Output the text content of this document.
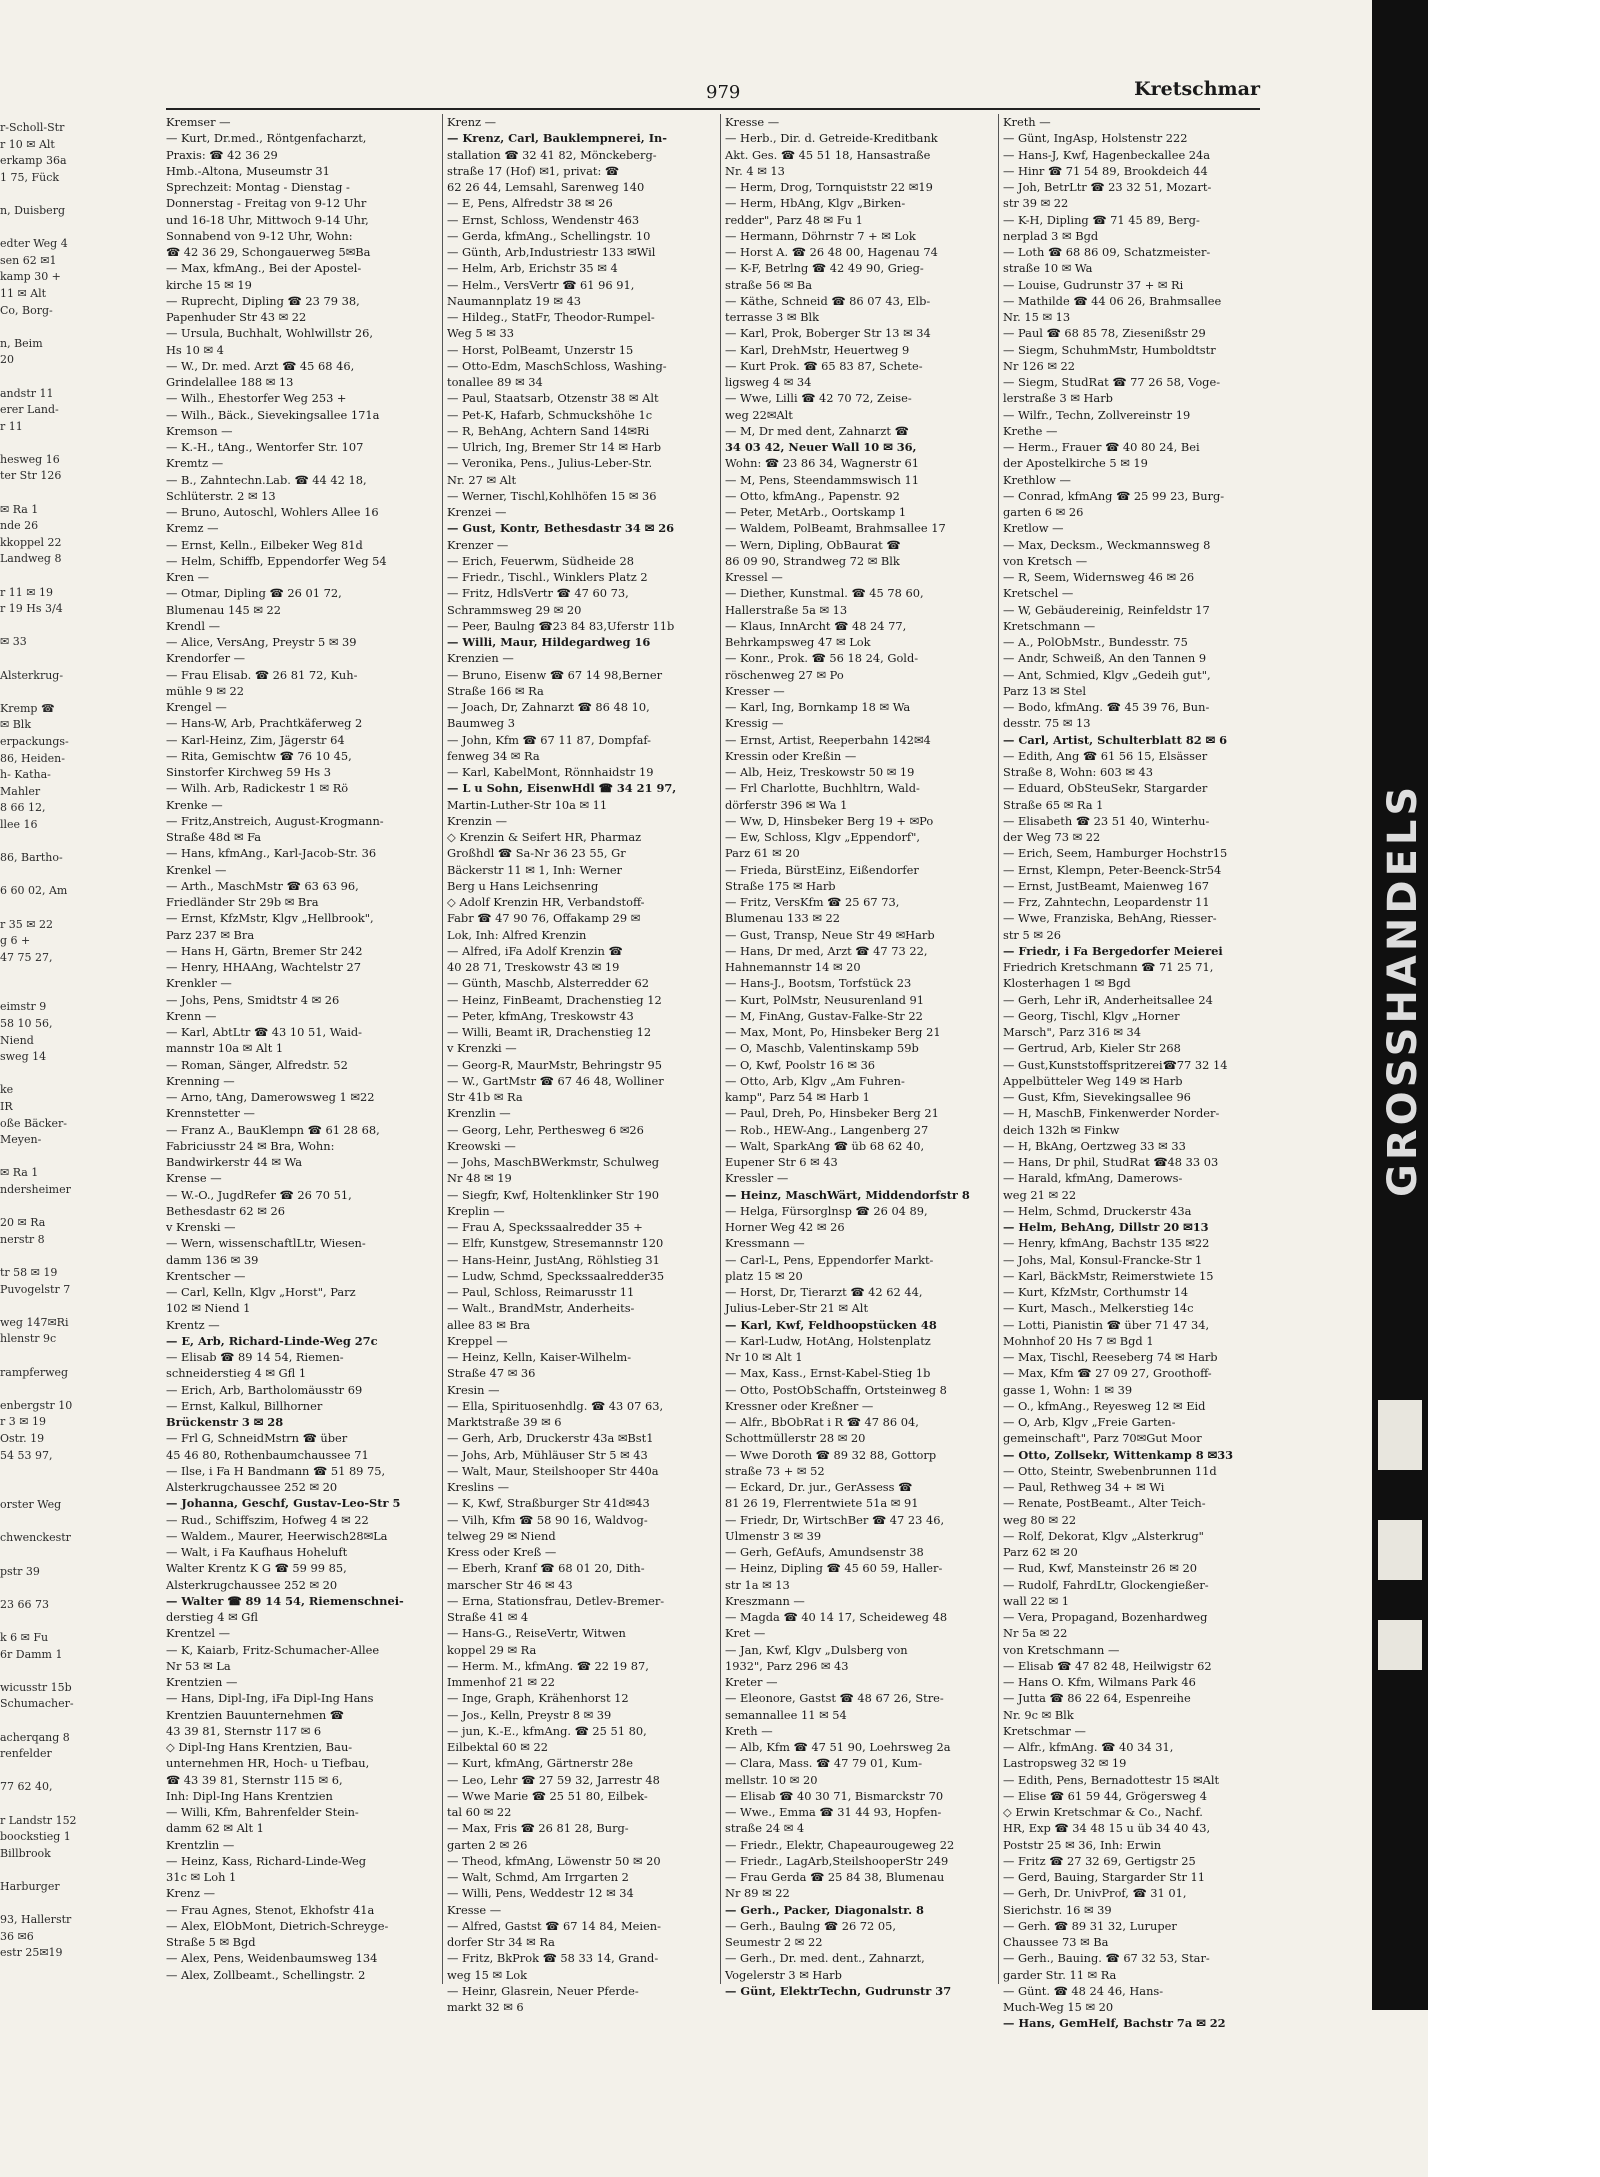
r-Scholl-Str
r 10 ✉ Alt
erkamp 36a
1 75, Fück

n, Duisberg

edter Weg 4
sen 62 ✉1
kamp 30 +
11 ✉ Alt
Co, Borg-

n, Beim
20

andstr 11
erer Land-
r 11

hesweg 16
ter Str 126

✉ Ra 1
nde 26
kkoppel 22
Landweg 8

r 11 ✉ 19
r 19 Hs 3/4

✉ 33

Alsterkrug-

Kremp ☎
✉ Blk
erpackungs-
86, Heiden-
h- Katha-
Mahler
8 66 12,
llee 16

86, Bartho-

6 60 02, Am

r 35 ✉ 22
g 6 +
47 75 27,

eimstr 9
58 10 56,
Niend
sweg 14

ke
IR
oße Bäcker-
Meyen-

✉ Ra 1
ndersheimer

20 ✉ Ra
nerstr 8

tr 58 ✉ 19
Puvogelstr 7

weg 147✉Ri
hlenstr 9c

rampferweg

enbergstr 10
r 3 ✉ 19
Ostr. 19
54 53 97,

orster Weg

chwenckestr

pstr 39

23 66 73

k 6 ✉ Fu
6r Damm 1

wicusstr 15b
Schumacher-

acherqang 8
renfelder

77 62 40,

r Landstr 152
boockstieg 1
Billbrook

Harburger

93, Hallerstr
36 ✉6
estr 25✉19
979	Kretschmar
Kremser —
— Kurt, Dr.med., Röntgenfacharzt,
Praxis: ☎ 42 36 29
Hmb.-Altona, Museumstr 31
Sprechzeit: Montag - Dienstag -
Donnerstag - Freitag von 9-12 Uhr
und 16-18 Uhr, Mittwoch 9-14 Uhr,
Sonnabend von 9-12 Uhr, Wohn:
☎ 42 36 29, Schongauerweg 5✉Ba
— Max, kfmAng., Bei der Apostel-
kirche 15 ✉ 19
— Ruprecht, Dipling ☎ 23 79 38,
Papenhuder Str 43 ✉ 22
— Ursula, Buchhalt, Wohlwillstr 26,
Hs 10 ✉ 4
— W., Dr. med. Arzt ☎ 45 68 46,
Grindelallee 188 ✉ 13
— Wilh., Ehestorfer Weg 253 +
— Wilh., Bäck., Sievekingsallee 171a
Kremson —
— K.-H., tAng., Wentorfer Str. 107
Kremtz —
— B., Zahntechn.Lab. ☎ 44 42 18,
Schlüterstr. 2 ✉ 13
— Bruno, Autoschl, Wohlers Allee 16
Kremz —
— Ernst, Kelln., Eilbeker Weg 81d
— Helm, Schiffb, Eppendorfer Weg 54
Kren —
— Otmar, Dipling ☎ 26 01 72,
Blumenau 145 ✉ 22
Krendl —
— Alice, VersAng, Preystr 5 ✉ 39
Krendorfer —
— Frau Elisab. ☎ 26 81 72, Kuh-
mühle 9 ✉ 22
Krengel —
— Hans-W, Arb, Prachtkäferweg 2
— Karl-Heinz, Zim, Jägerstr 64
— Rita, Gemischtw ☎ 76 10 45,
Sinstorfer Kirchweg 59 Hs 3
— Wilh. Arb, Radickestr 1 ✉ Rö
Krenke —
— Fritz,Anstreich, August-Krogmann-
Straße 48d ✉ Fa
— Hans, kfmAng., Karl-Jacob-Str. 36
Krenkel —
— Arth., MaschMstr ☎ 63 63 96,
Friedländer Str 29b ✉ Bra
— Ernst, KfzMstr, Klgv „Hellbrook",
Parz 237 ✉ Bra
— Hans H, Gärtn, Bremer Str 242
— Henry, HHAAng, Wachtelstr 27
Krenkler —
— Johs, Pens, Smidtstr 4 ✉ 26
Krenn —
— Karl, AbtLtr ☎ 43 10 51, Waid-
mannstr 10a ✉ Alt 1
— Roman, Sänger, Alfredstr. 52
Krenning —
— Arno, tAng, Damerowsweg 1 ✉22
Krennstetter —
— Franz A., BauKlempn ☎ 61 28 68,
Fabriciusstr 24 ✉ Bra, Wohn:
Bandwirkerstr 44 ✉ Wa
Krense —
— W.-O., JugdRefer ☎ 26 70 51,
Bethesdastr 62 ✉ 26
v Krenski —
— Wern, wissenschaftlLtr, Wiesen-
damm 136 ✉ 39
Krentscher —
— Carl, Kelln, Klgv „Horst", Parz
102 ✉ Niend 1
Krentz —
— E, Arb, Richard-Linde-Weg 27c
— Elisab ☎ 89 14 54, Riemen-
schneiderstieg 4 ✉ Gfl 1
— Erich, Arb, Bartholomäusstr 69
— Ernst, Kalkul, Billhorner
Brückenstr 3 ✉ 28
— Frl G, SchneidMstrn ☎ über
45 46 80, Rothenbaumchaussee 71
— Ilse, i Fa H Bandmann ☎ 51 89 75,
Alsterkrugchaussee 252 ✉ 20
— Johanna, Geschf, Gustav-Leo-Str 5
— Rud., Schiffszim, Hofweg 4 ✉ 22
— Waldem., Maurer, Heerwisch28✉La
— Walt, i Fa Kaufhaus Hoheluft
Walter Krentz K G ☎ 59 99 85,
Alsterkrugchaussee 252 ✉ 20
— Walter ☎ 89 14 54, Riemenschnei-
derstieg 4 ✉ Gfl
Krentzel —
— K, Kaiarb, Fritz-Schumacher-Allee
Nr 53 ✉ La
Krentzien —
— Hans, Dipl-Ing, iFa Dipl-Ing Hans
Krentzien Bauunternehmen ☎
43 39 81, Sternstr 117 ✉ 6
◇ Dipl-Ing Hans Krentzien, Bau-
unternehmen HR, Hoch- u Tiefbau,
☎ 43 39 81, Sternstr 115 ✉ 6,
Inh: Dipl-Ing Hans Krentzien
— Willi, Kfm, Bahrenfelder Stein-
damm 62 ✉ Alt 1
Krentzlin —
— Heinz, Kass, Richard-Linde-Weg
31c ✉ Loh 1
Krenz —
— Frau Agnes, Stenot, Ekhofstr 41a
— Alex, ElObMont, Dietrich-Schreyge-
Straße 5 ✉ Bgd
— Alex, Pens, Weidenbaumsweg 134
— Alex, Zollbeamt., Schellingstr. 2
Krenz —
— Krenz, Carl, Bauklempnerei, In-
stallation ☎ 32 41 82, Mönckeberg-
straße 17 (Hof) ✉1, privat: ☎
62 26 44, Lemsahl, Sarenweg 140
— E, Pens, Alfredstr 38 ✉ 26
— Ernst, Schloss, Wendenstr 463
— Gerda, kfmAng., Schellingstr. 10
— Günth, Arb,Industriestr 133 ✉Wil
— Helm, Arb, Erichstr 35 ✉ 4
— Helm., VersVertr ☎ 61 96 91,
Naumannplatz 19 ✉ 43
— Hildeg., StatFr, Theodor-Rumpel-
Weg 5 ✉ 33
— Horst, PolBeamt, Unzerstr 15
— Otto-Edm, MaschSchloss, Washing-
tonallee 89 ✉ 34
— Paul, Staatsarb, Otzenstr 38 ✉ Alt
— Pet-K, Hafarb, Schmuckshöhe 1c
— R, BehAng, Achtern Sand 14✉Ri
— Ulrich, Ing, Bremer Str 14 ✉ Harb
— Veronika, Pens., Julius-Leber-Str.
Nr. 27 ✉ Alt
— Werner, Tischl,Kohlhöfen 15 ✉ 36
Krenzei —
— Gust, Kontr, Bethesdastr 34 ✉ 26
Krenzer —
— Erich, Feuerwm, Südheide 28
— Friedr., Tischl., Winklers Platz 2
— Fritz, HdlsVertr ☎ 47 60 73,
Schrammsweg 29 ✉ 20
— Peer, Baulng ☎23 84 83,Uferstr 11b
— Willi, Maur, Hildegardweg 16
Krenzien —
— Bruno, Eisenw ☎ 67 14 98,Berner
Straße 166 ✉ Ra
— Joach, Dr, Zahnarzt ☎ 86 48 10,
Baumweg 3
— John, Kfm ☎ 67 11 87, Dompfaf-
fenweg 34 ✉ Ra
— Karl, KabelMont, Rönnhaidstr 19
— L u Sohn, EisenwHdl ☎ 34 21 97,
Martin-Luther-Str 10a ✉ 11
Krenzin —
◇ Krenzin & Seifert HR, Pharmaz
Großhdl ☎ Sa-Nr 36 23 55, Gr
Bäckerstr 11 ✉ 1, Inh: Werner
Berg u Hans Leichsenring
◇ Adolf Krenzin HR, Verbandstoff-
Fabr ☎ 47 90 76, Offakamp 29 ✉
Lok, Inh: Alfred Krenzin
— Alfred, iFa Adolf Krenzin ☎
40 28 71, Treskowstr 43 ✉ 19
— Günth, Maschb, Alsterredder 62
— Heinz, FinBeamt, Drachenstieg 12
— Peter, kfmAng, Treskowstr 43
— Willi, Beamt iR, Drachenstieg 12
v Krenzki —
— Georg-R, MaurMstr, Behringstr 95
— W., GartMstr ☎ 67 46 48, Wolliner
Str 41b ✉ Ra
Krenzlin —
— Georg, Lehr, Perthesweg 6 ✉26
Kreowski —
— Johs, MaschBWerkmstr, Schulweg
Nr 48 ✉ 19
— Siegfr, Kwf, Holtenklinker Str 190
Kreplin —
— Frau A, Speckssaalredder 35 +
— Elfr, Kunstgew, Stresemannstr 120
— Hans-Heinr, JustAng, Röhlstieg 31
— Ludw, Schmd, Speckssaalredder35
— Paul, Schloss, Reimarusstr 11
— Walt., BrandMstr, Anderheits-
allee 83 ✉ Bra
Kreppel —
— Heinz, Kelln, Kaiser-Wilhelm-
Straße 47 ✉ 36
Kresin —
— Ella, Spirituosenhdlg. ☎ 43 07 63,
Marktstraße 39 ✉ 6
— Gerh, Arb, Druckerstr 43a ✉Bst1
— Johs, Arb, Mühläuser Str 5 ✉ 43
— Walt, Maur, Steilshooper Str 440a
Kreslins —
— K, Kwf, Straßburger Str 41d✉43
— Vilh, Kfm ☎ 58 90 16, Waldvog-
telweg 29 ✉ Niend
Kress oder Kreß —
— Eberh, Kranf ☎ 68 01 20, Dith-
marscher Str 46 ✉ 43
— Erna, Stationsfrau, Detlev-Bremer-
Straße 41 ✉ 4
— Hans-G., ReiseVertr, Witwen
koppel 29 ✉ Ra
— Herm. M., kfmAng. ☎ 22 19 87,
Immenhof 21 ✉ 22
— Inge, Graph, Krähenhorst 12
— Jos., Kelln, Preystr 8 ✉ 39
— jun, K.-E., kfmAng. ☎ 25 51 80,
Eilbektal 60 ✉ 22
— Kurt, kfmAng, Gärtnerstr 28e
— Leo, Lehr ☎ 27 59 32, Jarrestr 48
— Wwe Marie ☎ 25 51 80, Eilbek-
tal 60 ✉ 22
— Max, Fris ☎ 26 81 28, Burg-
garten 2 ✉ 26
— Theod, kfmAng, Löwenstr 50 ✉ 20
— Walt, Schmd, Am Irrgarten 2
— Willi, Pens, Weddestr 12 ✉ 34
Kresse —
— Alfred, Gastst ☎ 67 14 84, Meien-
dorfer Str 34 ✉ Ra
— Fritz, BkProk ☎ 58 33 14, Grand-
weg 15 ✉ Lok
— Heinr, Glasrein, Neuer Pferde-
markt 32 ✉ 6
Kresse —
— Herb., Dir. d. Getreide-Kreditbank
Akt. Ges. ☎ 45 51 18, Hansastraße
Nr. 4 ✉ 13
— Herm, Drog, Tornquiststr 22 ✉19
— Herm, HbAng, Klgv „Birken-
redder", Parz 48 ✉ Fu 1
— Hermann, Döhrnstr 7 + ✉ Lok
— Horst A. ☎ 26 48 00, Hagenau 74
— K-F, Betrlng ☎ 42 49 90, Grieg-
straße 56 ✉ Ba
— Käthe, Schneid ☎ 86 07 43, Elb-
terrasse 3 ✉ Blk
— Karl, Prok, Boberger Str 13 ✉ 34
— Karl, DrehMstr, Heuertweg 9
— Kurt Prok. ☎ 65 83 87, Schete-
ligsweg 4 ✉ 34
— Wwe, Lilli ☎ 42 70 72, Zeise-
weg 22✉Alt
— M, Dr med dent, Zahnarzt ☎
34 03 42, Neuer Wall 10 ✉ 36,
Wohn: ☎ 23 86 34, Wagnerstr 61
— M, Pens, Steendammswisch 11
— Otto, kfmAng., Papenstr. 92
— Peter, MetArb., Oortskamp 1
— Waldem, PolBeamt, Brahmsallee 17
— Wern, Dipling, ObBaurat ☎
86 09 90, Strandweg 72 ✉ Blk
Kressel —
— Diether, Kunstmal. ☎ 45 78 60,
Hallerstraße 5a ✉ 13
— Klaus, InnArcht ☎ 48 24 77,
Behrkampsweg 47 ✉ Lok
— Konr., Prok. ☎ 56 18 24, Gold-
röschenweg 27 ✉ Po
Kresser —
— Karl, Ing, Bornkamp 18 ✉ Wa
Kressig —
— Ernst, Artist, Reeperbahn 142✉4
Kressin oder Kreßin —
— Alb, Heiz, Treskowstr 50 ✉ 19
— Frl Charlotte, Buchhltrn, Wald-
dörferstr 396 ✉ Wa 1
— Ww, D, Hinsbeker Berg 19 + ✉Po
— Ew, Schloss, Klgv „Eppendorf",
Parz 61 ✉ 20
— Frieda, BürstEinz, Eißendorfer
Straße 175 ✉ Harb
— Fritz, VersKfm ☎ 25 67 73,
Blumenau 133 ✉ 22
— Gust, Transp, Neue Str 49 ✉Harb
— Hans, Dr med, Arzt ☎ 47 73 22,
Hahnemannstr 14 ✉ 20
— Hans-J., Bootsm, Torfstück 23
— Kurt, PolMstr, Neusurenland 91
— M, FinAng, Gustav-Falke-Str 22
— Max, Mont, Po, Hinsbeker Berg 21
— O, Maschb, Valentinskamp 59b
— O, Kwf, Poolstr 16 ✉ 36
— Otto, Arb, Klgv „Am Fuhren-
kamp", Parz 54 ✉ Harb 1
— Paul, Dreh, Po, Hinsbeker Berg 21
— Rob., HEW-Ang., Langenberg 27
— Walt, SparkAng ☎ üb 68 62 40,
Eupener Str 6 ✉ 43
Kressler —
— Heinz, MaschWärt, Middendorfstr 8
— Helga, Fürsorglnsp ☎ 26 04 89,
Horner Weg 42 ✉ 26
Kressmann —
— Carl-L, Pens, Eppendorfer Markt-
platz 15 ✉ 20
— Horst, Dr, Tierarzt ☎ 42 62 44,
Julius-Leber-Str 21 ✉ Alt
— Karl, Kwf, Feldhoopstücken 48
— Karl-Ludw, HotAng, Holstenplatz
Nr 10 ✉ Alt 1
— Max, Kass., Ernst-Kabel-Stieg 1b
— Otto, PostObSchaffn, Ortsteinweg 8
Kressner oder Kreßner —
— Alfr., BbObRat i R ☎ 47 86 04,
Schottmüllerstr 28 ✉ 20
— Wwe Doroth ☎ 89 32 88, Gottorp
straße 73 + ✉ 52
— Eckard, Dr. jur., GerAssess ☎
81 26 19, Flerrentwiete 51a ✉ 91
— Friedr, Dr, WirtschBer ☎ 47 23 46,
Ulmenstr 3 ✉ 39
— Gerh, GefAufs, Amundsenstr 38
— Heinz, Dipling ☎ 45 60 59, Haller-
str 1a ✉ 13
Kreszmann —
— Magda ☎ 40 14 17, Scheideweg 48
Kret —
— Jan, Kwf, Klgv „Dulsberg von
1932", Parz 296 ✉ 43
Kreter —
— Eleonore, Gastst ☎ 48 67 26, Stre-
semannallee 11 ✉ 54
Kreth —
— Alb, Kfm ☎ 47 51 90, Loehrsweg 2a
— Clara, Mass. ☎ 47 79 01, Kum-
mellstr. 10 ✉ 20
— Elisab ☎ 40 30 71, Bismarckstr 70
— Wwe., Emma ☎ 31 44 93, Hopfen-
straße 24 ✉ 4
— Friedr., Elektr, Chapeaurougeweg 22
— Friedr., LagArb,SteilshooperStr 249
— Frau Gerda ☎ 25 84 38, Blumenau
Nr 89 ✉ 22
— Gerh., Packer, Diagonalstr. 8
— Gerh., Baulng ☎ 26 72 05,
Seumestr 2 ✉ 22
— Gerh., Dr. med. dent., Zahnarzt,
Vogelerstr 3 ✉ Harb
— Günt, ElektrTechn, Gudrunstr 37
Kreth —
— Günt, IngAsp, Holstenstr 222
— Hans-J, Kwf, Hagenbeckallee 24a
— Hinr ☎ 71 54 89, Brookdeich 44
— Joh, BetrLtr ☎ 23 32 51, Mozart-
str 39 ✉ 22
— K-H, Dipling ☎ 71 45 89, Berg-
nerplad 3 ✉ Bgd
— Loth ☎ 68 86 09, Schatzmeister-
straße 10 ✉ Wa
— Louise, Gudrunstr 37 + ✉ Ri
— Mathilde ☎ 44 06 26, Brahmsallee
Nr. 15 ✉ 13
— Paul ☎ 68 85 78, Ziesenißstr 29
— Siegm, SchuhmMstr, Humboldtstr
Nr 126 ✉ 22
— Siegm, StudRat ☎ 77 26 58, Voge-
lerstraße 3 ✉ Harb
— Wilfr., Techn, Zollvereinstr 19
Krethe —
— Herm., Frauer ☎ 40 80 24, Bei
der Apostelkirche 5 ✉ 19
Krethlow —
— Conrad, kfmAng ☎ 25 99 23, Burg-
garten 6 ✉ 26
Kretlow —
— Max, Decksm., Weckmannsweg 8
von Kretsch —
— R, Seem, Widernsweg 46 ✉ 26
Kretschel —
— W, Gebäudereinig, Reinfeldstr 17
Kretschmann —
— A., PolObMstr., Bundesstr. 75
— Andr, Schweiß, An den Tannen 9
— Ant, Schmied, Klgv „Gedeih gut",
Parz 13 ✉ Stel
— Bodo, kfmAng. ☎ 45 39 76, Bun-
desstr. 75 ✉ 13
— Carl, Artist, Schulterblatt 82 ✉ 6
— Edith, Ang ☎ 61 56 15, Elsässer
Straße 8, Wohn: 603 ✉ 43
— Eduard, ObSteuSekr, Stargarder
Straße 65 ✉ Ra 1
— Elisabeth ☎ 23 51 40, Winterhu-
der Weg 73 ✉ 22
— Erich, Seem, Hamburger Hochstr15
— Ernst, Klempn, Peter-Beenck-Str54
— Ernst, JustBeamt, Maienweg 167
— Frz, Zahntechn, Leopardenstr 11
— Wwe, Franziska, BehAng, Riesser-
str 5 ✉ 26
— Friedr, i Fa Bergedorfer Meierei
Friedrich Kretschmann ☎ 71 25 71,
Klosterhagen 1 ✉ Bgd
— Gerh, Lehr iR, Anderheitsallee 24
— Georg, Tischl, Klgv „Horner
Marsch", Parz 316 ✉ 34
— Gertrud, Arb, Kieler Str 268
— Gust,Kunststoffspritzerei☎77 32 14
Appelbütteler Weg 149 ✉ Harb
— Gust, Kfm, Sievekingsallee 96
— H, MaschB, Finkenwerder Norder-
deich 132h ✉ Finkw
— H, BkAng, Oertzweg 33 ✉ 33
— Hans, Dr phil, StudRat ☎48 33 03
— Harald, kfmAng, Damerows-
weg 21 ✉ 22
— Helm, Schmd, Druckerstr 43a
— Helm, BehAng, Dillstr 20 ✉13
— Henry, kfmAng, Bachstr 135 ✉22
— Johs, Mal, Konsul-Francke-Str 1
— Karl, BäckMstr, Reimerstwiete 15
— Kurt, KfzMstr, Corthumstr 14
— Kurt, Masch., Melkerstieg 14c
— Lotti, Pianistin ☎ über 71 47 34,
Mohnhof 20 Hs 7 ✉ Bgd 1
— Max, Tischl, Reeseberg 74 ✉ Harb
— Max, Kfm ☎ 27 09 27, Groothoff-
gasse 1, Wohn: 1 ✉ 39
— O., kfmAng., Reyesweg 12 ✉ Eid
— O, Arb, Klgv „Freie Garten-
gemeinschaft", Parz 70✉Gut Moor
— Otto, Zollsekr, Wittenkamp 8 ✉33
— Otto, Steintr, Swebenbrunnen 11d
— Paul, Rethweg 34 + ✉ Wi
— Renate, PostBeamt., Alter Teich-
weg 80 ✉ 22
— Rolf, Dekorat, Klgv „Alsterkrug"
Parz 62 ✉ 20
— Rud, Kwf, Mansteinstr 26 ✉ 20
— Rudolf, FahrdLtr, Glockengießer-
wall 22 ✉ 1
— Vera, Propagand, Bozenhardweg
Nr 5a ✉ 22
von Kretschmann —
— Elisab ☎ 47 82 48, Heilwigstr 62
— Hans O. Kfm, Wilmans Park 46
— Jutta ☎ 86 22 64, Espenreihe
Nr. 9c ✉ Blk
Kretschmar —
— Alfr., kfmAng. ☎ 40 34 31,
Lastropsweg 32 ✉ 19
— Edith, Pens, Bernadottestr 15 ✉Alt
— Elise ☎ 61 59 44, Grögersweg 4
◇ Erwin Kretschmar & Co., Nachf.
HR, Exp ☎ 34 48 15 u üb 34 40 43,
Poststr 25 ✉ 36, Inh: Erwin
— Fritz ☎ 27 32 69, Gertigstr 25
— Gerd, Bauing, Stargarder Str 11
— Gerh, Dr. UnivProf, ☎ 31 01,
Sierichstr. 16 ✉ 39
— Gerh. ☎ 89 31 32, Luruper
Chaussee 73 ✉ Ba
— Gerh., Bauing. ☎ 67 32 53, Star-
garder Str. 11 ✉ Ra
— Günt. ☎ 48 24 46, Hans-
Much-Weg 15 ✉ 20
— Hans, GemHelf, Bachstr 7a ✉ 22
GROSSHANDELS
